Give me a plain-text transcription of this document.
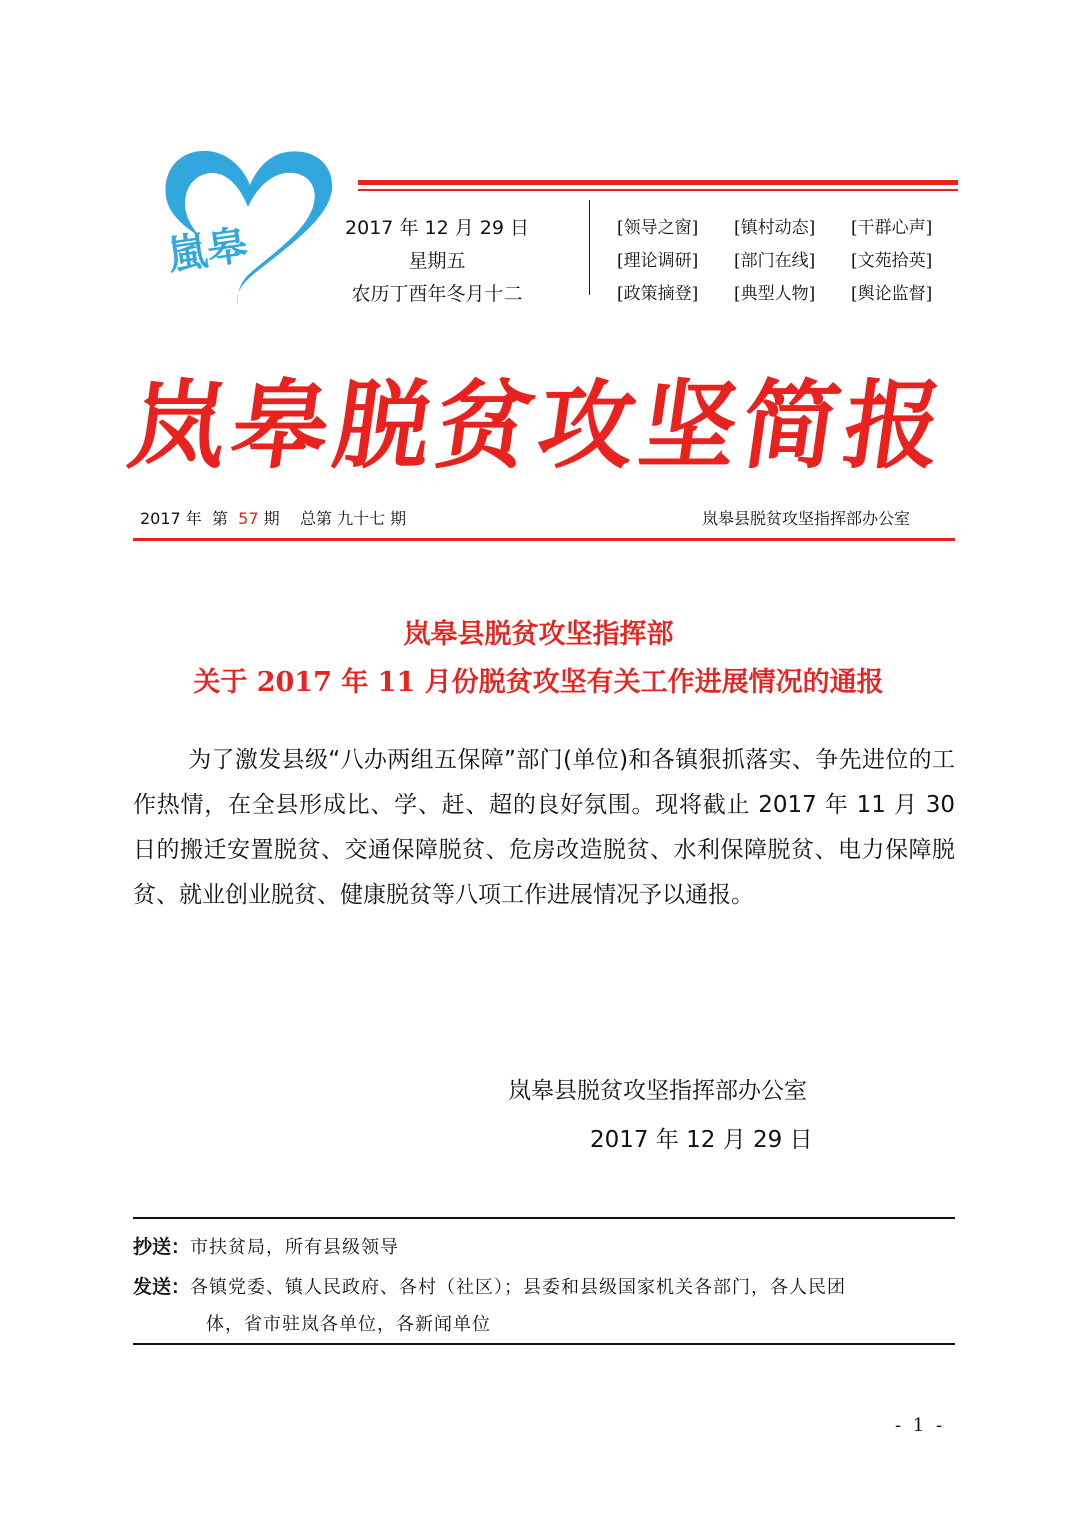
嵐皋	2017 年 12 月 29 日
星期五
农历丁酉年冬月十二
[领导之窗]	[镇村动态]	[干群心声]
[理论调研]	[部门在线]	[文苑拾英]
[政策摘登]	[典型人物]	[舆论监督]
岚皋脱贫攻坚简报
2017 年 第 57 期 总第 九十七 期	岚皋县脱贫攻坚指挥部办公室
岚皋县脱贫攻坚指挥部
关于 2017 年 11 月份脱贫攻坚有关工作进展情况的通报

为了激发县级“八办两组五保障”部门(单位)和各镇狠抓落实、争先进位的工作热情，在全县形成比、学、赶、超的良好氛围。现将截止 2017 年 11 月 30 日的搬迁安置脱贫、交通保障脱贫、危房改造脱贫、水利保障脱贫、电力保障脱贫、就业创业脱贫、健康脱贫等八项工作进展情况予以通报。

岚皋县脱贫攻坚指挥部办公室
2017 年 12 月 29 日
抄送：市扶贫局，所有县级领导
发送：各镇党委、镇人民政府、各村（社区）；县委和县级国家机关各部门，各人民团
体，省市驻岚各单位，各新闻单位
- 1 -
